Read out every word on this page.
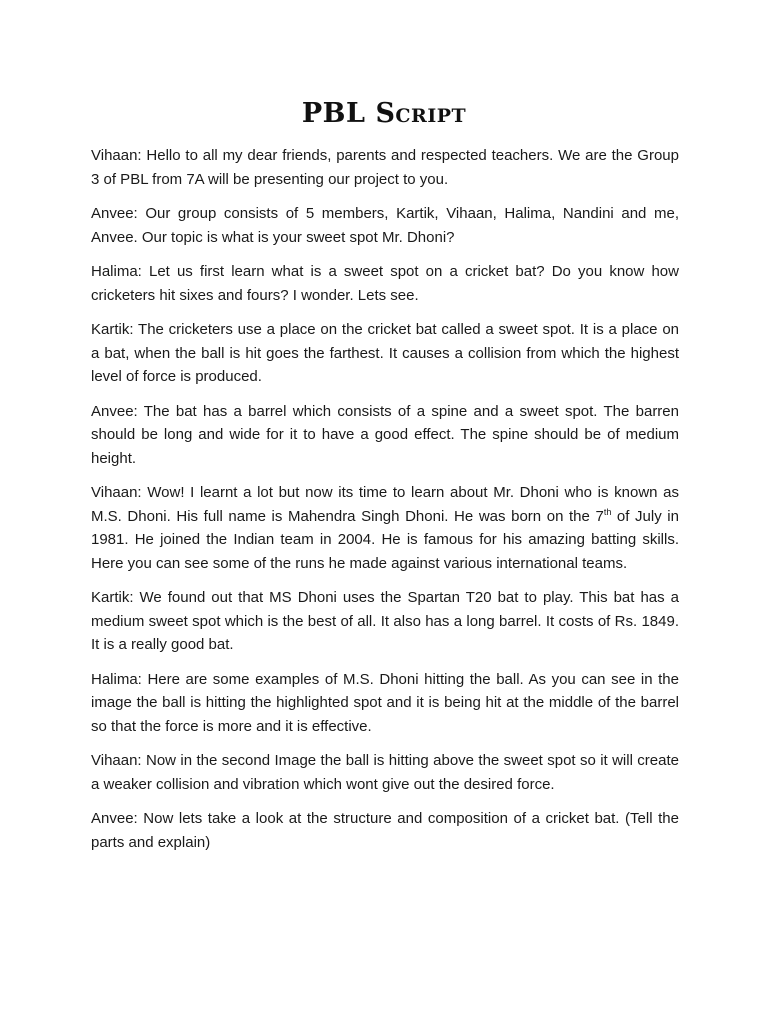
PBL Script

Vihaan: Hello to all my dear friends, parents and respected teachers. We are the Group 3 of PBL from 7A will be presenting our project to you.

Anvee: Our group consists of 5 members, Kartik, Vihaan, Halima, Nandini and me, Anvee. Our topic is what is your sweet spot Mr. Dhoni?

Halima: Let us first learn what is a sweet spot on a cricket bat? Do you know how cricketers hit sixes and fours? I wonder. Lets see.

Kartik: The cricketers use a place on the cricket bat called a sweet spot. It is a place on a bat, when the ball is hit goes the farthest. It causes a collision from which the highest level of force is produced.

Anvee: The bat has a barrel which consists of a spine and a sweet spot. The barren should be long and wide for it to have a good effect. The spine should be of medium height.

Vihaan: Wow! I learnt a lot but now its time to learn about Mr. Dhoni who is known as M.S. Dhoni. His full name is Mahendra Singh Dhoni. He was born on the 7th of July in 1981. He joined the Indian team in 2004. He is famous for his amazing batting skills. Here you can see some of the runs he made against various international teams.

Kartik: We found out that MS Dhoni uses the Spartan T20 bat to play. This bat has a medium sweet spot which is the best of all. It also has a long barrel. It costs of Rs. 1849. It is a really good bat.

Halima: Here are some examples of M.S. Dhoni hitting the ball. As you can see in the image the ball is hitting the highlighted spot and it is being hit at the middle of the barrel so that the force is more and it is effective.

Vihaan: Now in the second Image the ball is hitting above the sweet spot so it will create a weaker collision and vibration which wont give out the desired force.

Anvee: Now lets take a look at the structure and composition of a cricket bat. (Tell the parts and explain)
